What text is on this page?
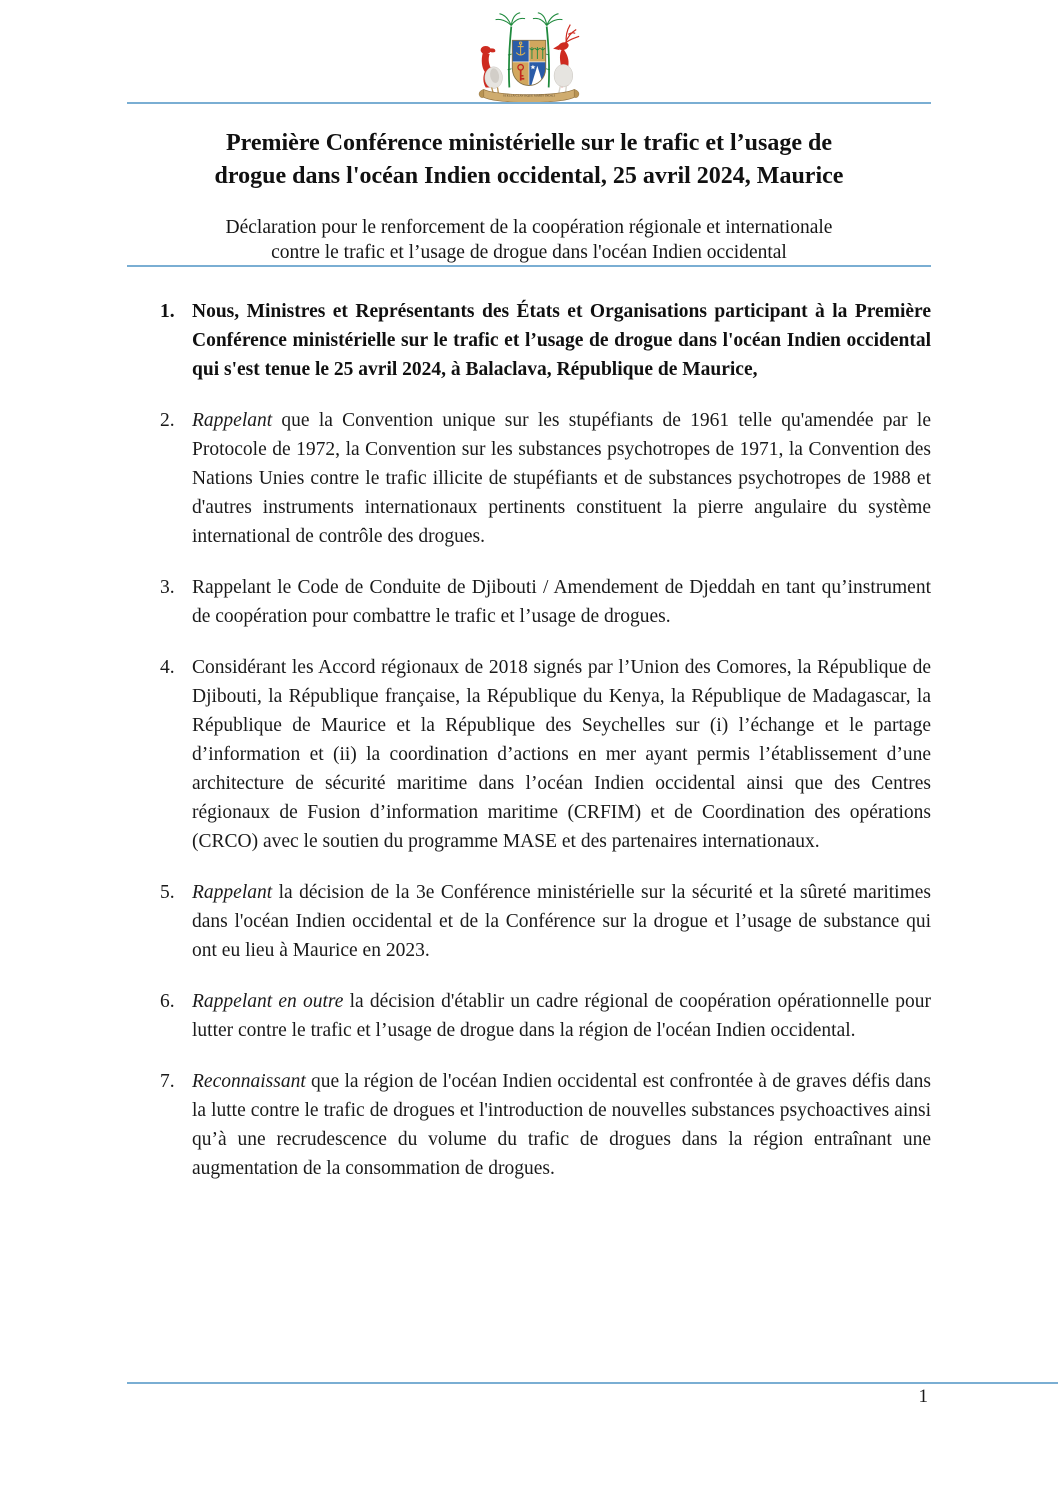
STELLA CLAVISQUE MARIS INDICI
Première Conférence ministérielle sur le trafic et l’usage de
drogue dans l'océan Indien occidental, 25 avril 2024, Maurice
Déclaration pour le renforcement de la coopération régionale et internationale
contre le trafic et l’usage de drogue dans l'océan Indien occidental
1. Nous, Ministres et Représentants des États et Organisations participant à la Première Conférence ministérielle sur le trafic et l’usage de drogue dans l'océan Indien occidental qui s'est tenue le 25 avril 2024, à Balaclava, République de Maurice,
2. Rappelant que la Convention unique sur les stupéfiants de 1961 telle qu'amendée par le Protocole de 1972, la Convention sur les substances psychotropes de 1971, la Convention des Nations Unies contre le trafic illicite de stupéfiants et de substances psychotropes de 1988 et d'autres instruments internationaux pertinents constituent la pierre angulaire du système international de contrôle des drogues.
3. Rappelant le Code de Conduite de Djibouti / Amendement de Djeddah en tant qu’instrument de coopération pour combattre le trafic et l’usage de drogues.
4. Considérant les Accord régionaux de 2018 signés par l’Union des Comores, la République de Djibouti, la République française, la République du Kenya, la République de Madagascar, la République de Maurice et la République des Seychelles sur (i) l’échange et le partage d’information et (ii) la coordination d’actions en mer ayant permis l’établissement d’une architecture de sécurité maritime dans l’océan Indien occidental ainsi que des Centres régionaux de Fusion d’information maritime (CRFIM) et de Coordination des opérations (CRCO) avec le soutien du programme MASE et des partenaires internationaux.
5. Rappelant la décision de la 3e Conférence ministérielle sur la sécurité et la sûreté maritimes dans l'océan Indien occidental et de la Conférence sur la drogue et l’usage de substance qui ont eu lieu à Maurice en 2023.
6. Rappelant en outre la décision d'établir un cadre régional de coopération opérationnelle pour lutter contre le trafic et l’usage de drogue dans la région de l'océan Indien occidental.
7. Reconnaissant que la région de l'océan Indien occidental est confrontée à de graves défis dans la lutte contre le trafic de drogues et l'introduction de nouvelles substances psychoactives ainsi qu’à une recrudescence du volume du trafic de drogues dans la région entraînant une augmentation de la consommation de drogues.
1
